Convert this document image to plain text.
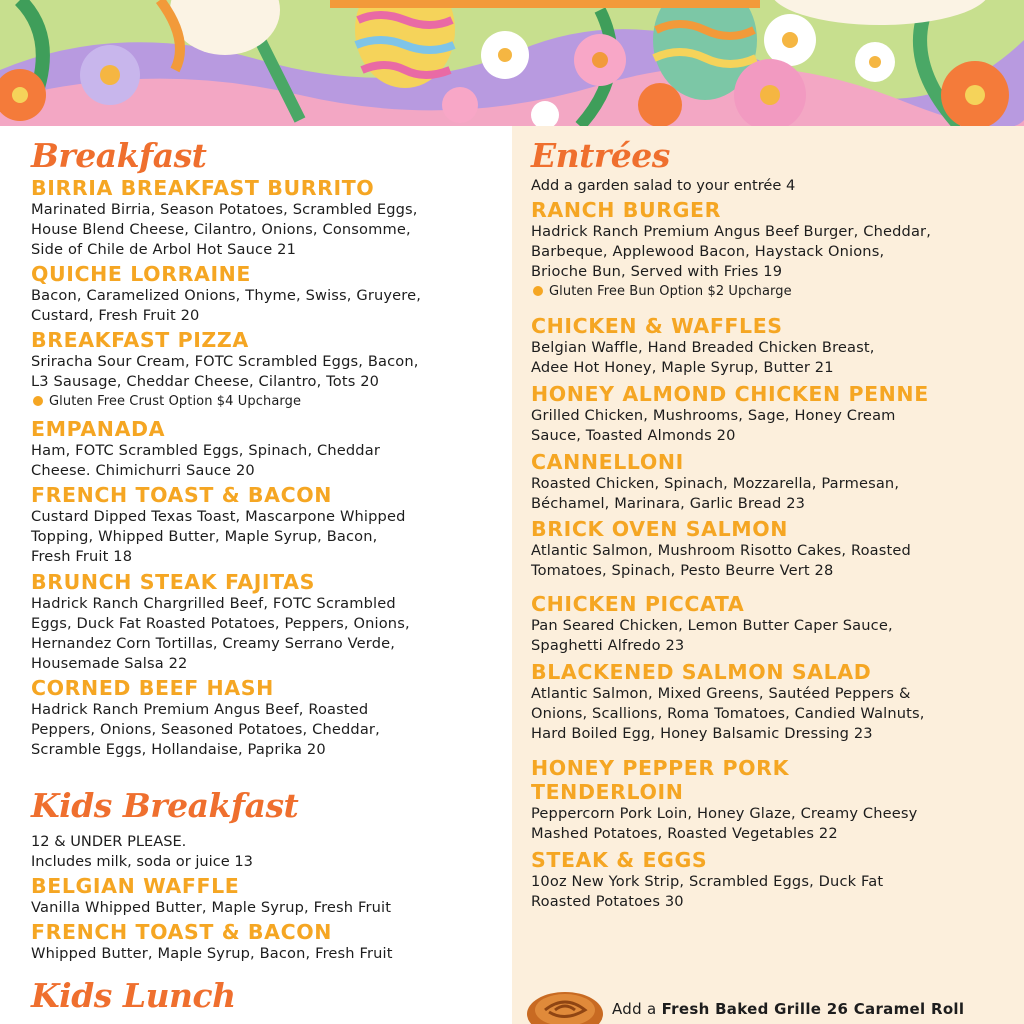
Breakfast
BIRRIA BREAKFAST BURRITO
Marinated Birria, Season Potatoes, Scrambled Eggs,
House Blend Cheese, Cilantro, Onions, Consomme,
Side of Chile de Arbol Hot Sauce 21
QUICHE LORRAINE
Bacon, Caramelized Onions, Thyme, Swiss, Gruyere,
Custard, Fresh Fruit 20
BREAKFAST PIZZA
Sriracha Sour Cream, FOTC Scrambled Eggs, Bacon,
L3 Sausage, Cheddar Cheese, Cilantro, Tots 20
Gluten Free Crust Option $4 Upcharge
EMPANADA
Ham, FOTC Scrambled Eggs, Spinach, Cheddar
Cheese. Chimichurri Sauce 20
FRENCH TOAST & BACON
Custard Dipped Texas Toast, Mascarpone Whipped
Topping, Whipped Butter, Maple Syrup, Bacon,
Fresh Fruit 18
BRUNCH STEAK FAJITAS
Hadrick Ranch Chargrilled Beef, FOTC Scrambled
Eggs, Duck Fat Roasted Potatoes, Peppers, Onions,
Hernandez Corn Tortillas, Creamy Serrano Verde,
Housemade Salsa 22
CORNED BEEF HASH
Hadrick Ranch Premium Angus Beef, Roasted
Peppers, Onions, Seasoned Potatoes, Cheddar,
Scramble Eggs, Hollandaise, Paprika 20
Kids Breakfast
12 & UNDER PLEASE.
Includes milk, soda or juice 13
BELGIAN WAFFLE
Vanilla Whipped Butter, Maple Syrup, Fresh Fruit
FRENCH TOAST & BACON
Whipped Butter, Maple Syrup, Bacon, Fresh Fruit
Kids Lunch
Entrées
Add a garden salad to your entrée 4
RANCH BURGER
Hadrick Ranch Premium Angus Beef Burger, Cheddar,
Barbeque, Applewood Bacon, Haystack Onions,
Brioche Bun, Served with Fries 19
Gluten Free Bun Option $2 Upcharge
CHICKEN & WAFFLES
Belgian Waffle, Hand Breaded Chicken Breast,
Adee Hot Honey, Maple Syrup, Butter 21
HONEY ALMOND CHICKEN PENNE
Grilled Chicken, Mushrooms, Sage, Honey Cream
Sauce, Toasted Almonds 20
CANNELLONI
Roasted Chicken, Spinach, Mozzarella, Parmesan,
Béchamel, Marinara, Garlic Bread 23
BRICK OVEN SALMON
Atlantic Salmon, Mushroom Risotto Cakes, Roasted
Tomatoes, Spinach, Pesto Beurre Vert 28
CHICKEN PICCATA
Pan Seared Chicken, Lemon Butter Caper Sauce,
Spaghetti Alfredo 23
BLACKENED SALMON SALAD
Atlantic Salmon, Mixed Greens, Sautéed Peppers &
Onions, Scallions, Roma Tomatoes, Candied Walnuts,
Hard Boiled Egg, Honey Balsamic Dressing 23
HONEY PEPPER PORK
TENDERLOIN
Peppercorn Pork Loin, Honey Glaze, Creamy Cheesy
Mashed Potatoes, Roasted Vegetables 22
STEAK & EGGS
10oz New York Strip, Scrambled Eggs, Duck Fat
Roasted Potatoes 30
Add a Fresh Baked Grille 26 Caramel Roll
